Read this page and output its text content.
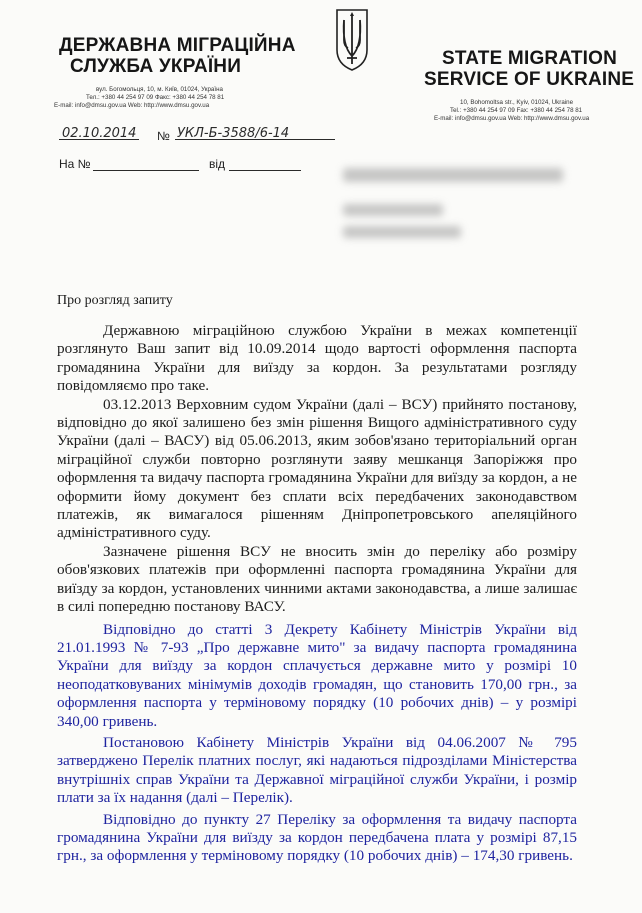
ДЕРЖАВНА МІГРАЦІЙНА
СЛУЖБА УКРАЇНИ
вул. Богомольця, 10, м. Київ, 01024, Україна
Тел.: +380 44 254 97 09 Факс: +380 44 254 78 81
E-mail: info@dmsu.gov.ua Web: http://www.dmsu.gov.ua
STATE MIGRATION
SERVICE OF UKRAINE
10, Bohomoltsa str., Kyiv, 01024, Ukraine
Tel.: +380 44 254 97 09 Fax: +380 44 254 78 81
E-mail: info@dmsu.gov.ua Web: http://www.dmsu.gov.ua
02.10.2014 № УКЛ-Б-3588/6-14
На №	від
Про розгляд запиту
Державною міграційною службою України в межах компетенції розглянуто Ваш запит від 10.09.2014 щодо вартості оформлення паспорта громадянина України для виїзду за кордон. За результатами розгляду повідомляємо про таке.
03.12.2013 Верховним судом України (далі – ВСУ) прийнято постанову, відповідно до якої залишено без змін рішення Вищого адміністративного суду України (далі – ВАСУ) від 05.06.2013, яким зобов'язано територіальний орган міграційної служби повторно розглянути заяву мешканця Запоріжжя про оформлення та видачу паспорта громадянина України для виїзду за кордон, а не оформити йому документ без сплати всіх передбачених законодавством платежів, як вимагалося рішенням Дніпропетровського апеляційного адміністративного суду.
Зазначене рішення ВСУ не вносить змін до переліку або розміру обов'язкових платежів при оформленні паспорта громадянина України для виїзду за кордон, установлених чинними актами законодавства, а лише залишає в силі попередню постанову ВАСУ.
Відповідно до статті 3 Декрету Кабінету Міністрів України від 21.01.1993 № 7-93 „Про державне мито" за видачу паспорта громадянина України для виїзду за кордон сплачується державне мито у розмірі 10 неоподатковуваних мінімумів доходів громадян, що становить 170,00 грн., за оформлення паспорта у терміновому порядку (10 робочих днів) – у розмірі 340,00 гривень.
Постановою Кабінету Міністрів України від 04.06.2007 № 795 затверджено Перелік платних послуг, які надаються підрозділами Міністерства внутрішніх справ України та Державної міграційної служби України, і розмір плати за їх надання (далі – Перелік).
Відповідно до пункту 27 Переліку за оформлення та видачу паспорта громадянина України для виїзду за кордон передбачена плата у розмірі 87,15 грн., за оформлення у терміновому порядку (10 робочих днів) – 174,30 гривень.
